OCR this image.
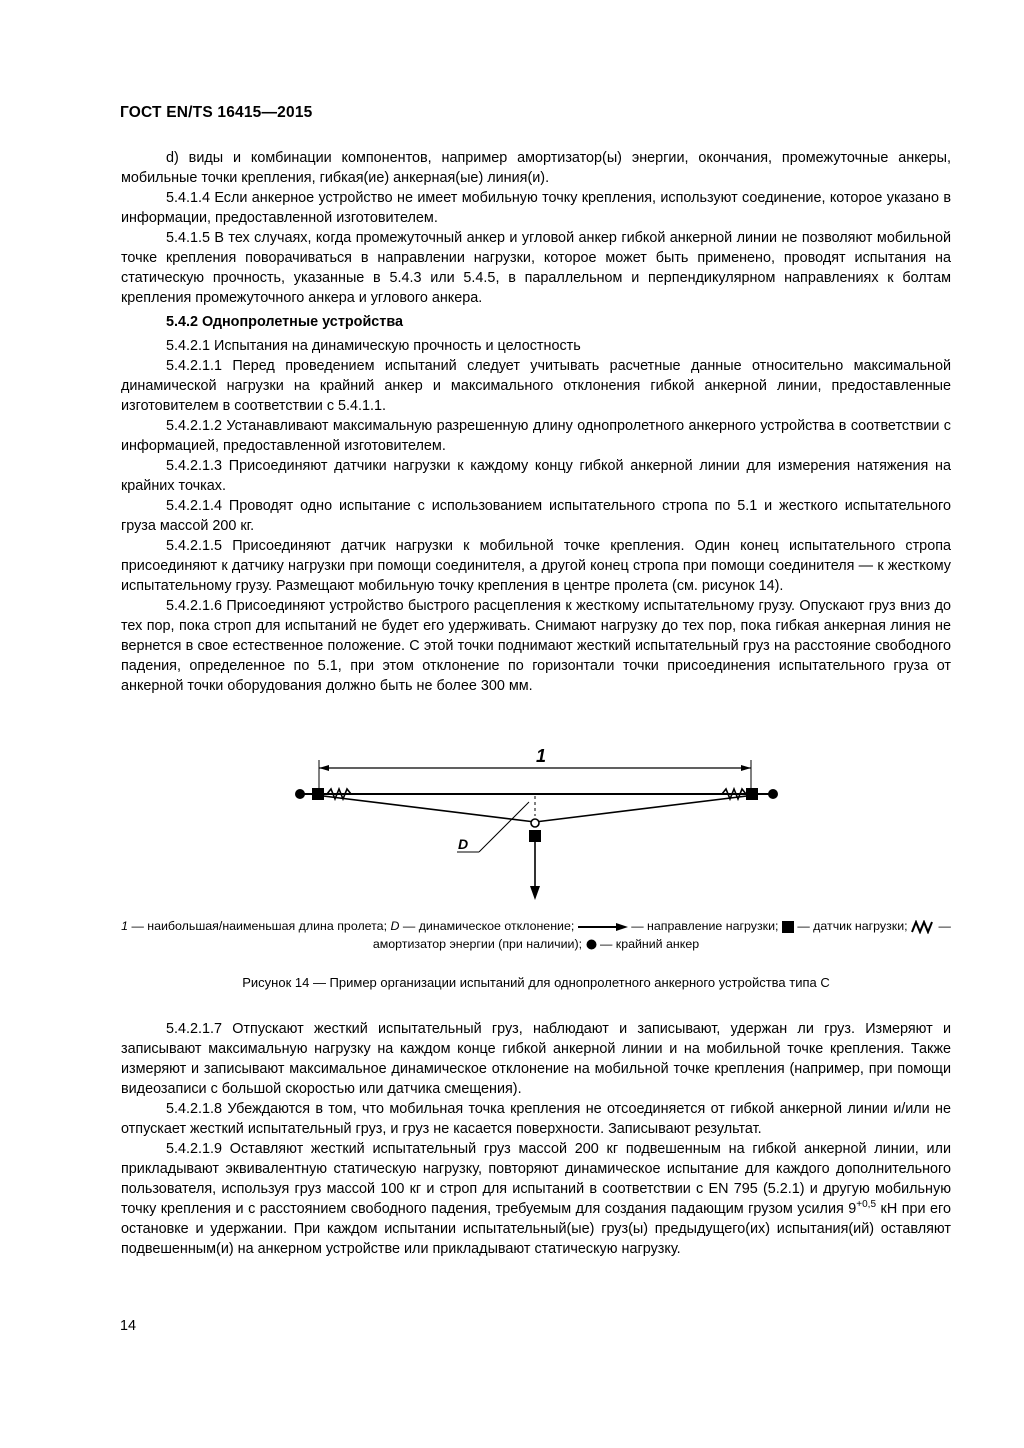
ГОСТ EN/TS 16415—2015

d) виды и комбинации компонентов, например амортизатор(ы) энергии, окончания, промежуточные анкеры, мобильные точки крепления, гибкая(ие) анкерная(ые) линия(и).

5.4.1.4 Если анкерное устройство не имеет мобильную точку крепления, используют соединение, которое указано в информации, предоставленной изготовителем.

5.4.1.5 В тех случаях, когда промежуточный анкер и угловой анкер гибкой анкерной линии не позволяют мобильной точке крепления поворачиваться в направлении нагрузки, которое может быть применено, проводят испытания на статическую прочность, указанные в 5.4.3 или 5.4.5, в параллельном и перпендикулярном направлениях к болтам крепления промежуточного анкера и углового анкера.

5.4.2 Однопролетные устройства

5.4.2.1 Испытания на динамическую прочность и целостность

5.4.2.1.1 Перед проведением испытаний следует учитывать расчетные данные относительно максимальной динамической нагрузки на крайний анкер и максимального отклонения гибкой анкерной линии, предоставленные изготовителем в соответствии с 5.4.1.1.

5.4.2.1.2 Устанавливают максимальную разрешенную длину однопролетного анкерного устройства в соответствии с информацией, предоставленной изготовителем.

5.4.2.1.3 Присоединяют датчики нагрузки к каждому концу гибкой анкерной линии для измерения натяжения на крайних точках.

5.4.2.1.4 Проводят одно испытание с использованием испытательного стропа по 5.1 и жесткого испытательного груза массой 200 кг.

5.4.2.1.5 Присоединяют датчик нагрузки к мобильной точке крепления. Один конец испытательного стропа присоединяют к датчику нагрузки при помощи соединителя, а другой конец стропа при помощи соединителя — к жесткому испытательному грузу. Размещают мобильную точку крепления в центре пролета (см. рисунок 14).

5.4.2.1.6 Присоединяют устройство быстрого расцепления к жесткому испытательному грузу. Опускают груз вниз до тех пор, пока строп для испытаний не будет его удерживать. Снимают нагрузку до тех пор, пока гибкая анкерная линия не вернется в свое естественное положение. С этой точки поднимают жесткий испытательный груз на расстояние свободного падения, определенное по 5.1, при этом отклонение по горизонтали точки присоединения испытательного груза от анкерной точки оборудования должно быть не более 300 мм.

1
D
1 — наибольшая/наименьшая длина пролета; D — динамическое отклонение;	— направление нагрузки;  — датчик нагрузки;  — амортизатор энергии (при наличии);  — крайний анкер
Рисунок 14 — Пример организации испытаний для однопролетного анкерного устройства типа C

5.4.2.1.7 Отпускают жесткий испытательный груз, наблюдают и записывают, удержан ли груз. Измеряют и записывают максимальную нагрузку на каждом конце гибкой анкерной линии и на мобильной точке крепления. Также измеряют и записывают максимальное динамическое отклонение на мобильной точке крепления (например, при помощи видеозаписи с большой скоростью или датчика смещения).

5.4.2.1.8 Убеждаются в том, что мобильная точка крепления не отсоединяется от гибкой анкерной линии и/или не отпускает жесткий испытательный груз, и груз не касается поверхности. Записывают результат.

5.4.2.1.9 Оставляют жесткий испытательный груз массой 200 кг подвешенным на гибкой анкерной линии, или прикладывают эквивалентную статическую нагрузку, повторяют динамическое испытание для каждого дополнительного пользователя, используя груз массой 100 кг и строп для испытаний в соответствии с EN 795 (5.2.1) и другую мобильную точку крепления и с расстоянием свободного падения, требуемым для создания падающим грузом усилия $9^{+0,5}$ кН при его остановке и удержании. При каждом испытании испытательный(ые) груз(ы) предыдущего(их) испытания(ий) оставляют подвешенным(и) на анкерном устройстве или прикладывают статическую нагрузку.

14
